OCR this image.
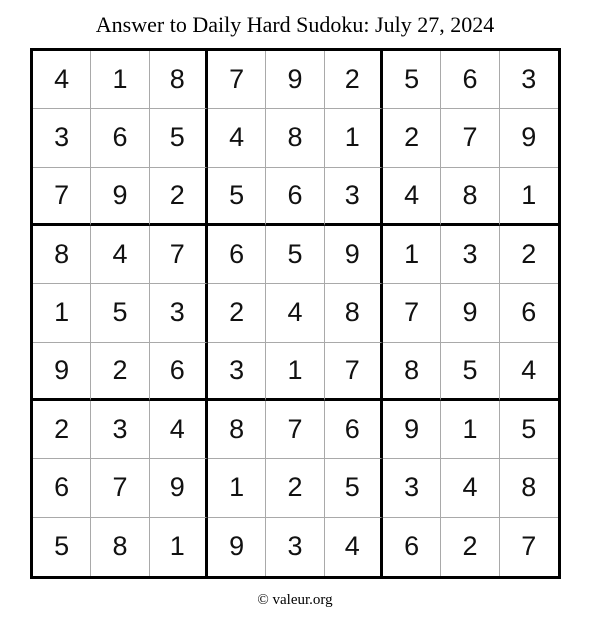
Answer to Daily Hard Sudoku: July 27, 2024
4	1	8	7	9	2	5	6	3
3	6	5	4	8	1	2	7	9
7	9	2	5	6	3	4	8	1
8	4	7	6	5	9	1	3	2
1	5	3	2	4	8	7	9	6
9	2	6	3	1	7	8	5	4
2	3	4	8	7	6	9	1	5
6	7	9	1	2	5	3	4	8
5	8	1	9	3	4	6	2	7
© valeur.org
